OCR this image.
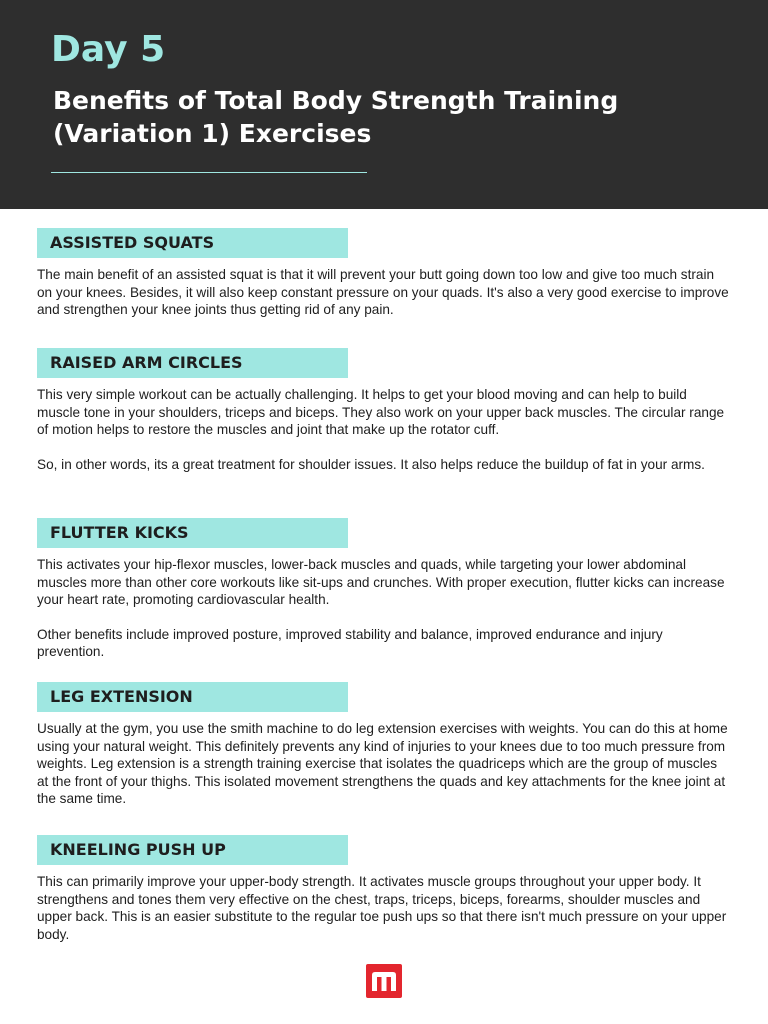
Day 5
Benefits of Total Body Strength Training
(Variation 1) Exercises
ASSISTED SQUATS

The main benefit of an assisted squat is that it will prevent your butt going down too low and give too much strain on your knees. Besides, it will also keep constant pressure on your quads. It's also a very good exercise to improve and strengthen your knee joints thus getting rid of any pain.

RAISED ARM CIRCLES

This very simple workout can be actually challenging. It helps to get your blood moving and can help to build muscle tone in your shoulders, triceps and biceps. They also work on your upper back muscles. The circular range of motion helps to restore the muscles and joint that make up the rotator cuff.

So, in other words, its a great treatment for shoulder issues. It also helps reduce the buildup of fat in your arms.

FLUTTER KICKS

This activates your hip-flexor muscles, lower-back muscles and quads, while targeting your lower abdominal muscles more than other core workouts like sit-ups and crunches. With proper execution, flutter kicks can increase your heart rate, promoting cardiovascular health.

Other benefits include improved posture, improved stability and balance, improved endurance and injury prevention.

LEG EXTENSION

Usually at the gym, you use the smith machine to do leg extension exercises with weights. You can do this at home using your natural weight. This definitely prevents any kind of injuries to your knees due to too much pressure from weights. Leg extension is a strength training exercise that isolates the quadriceps which are the group of muscles at the front of your thighs. This isolated movement strengthens the quads and key attachments for the knee joint at the same time.

KNEELING PUSH UP

This can primarily improve your upper-body strength. It activates muscle groups throughout your upper body. It strengthens and tones them very effective on the chest, traps, triceps, biceps, forearms, shoulder muscles and upper back. This is an easier substitute to the regular toe push ups so that there isn't much pressure on your upper body.
